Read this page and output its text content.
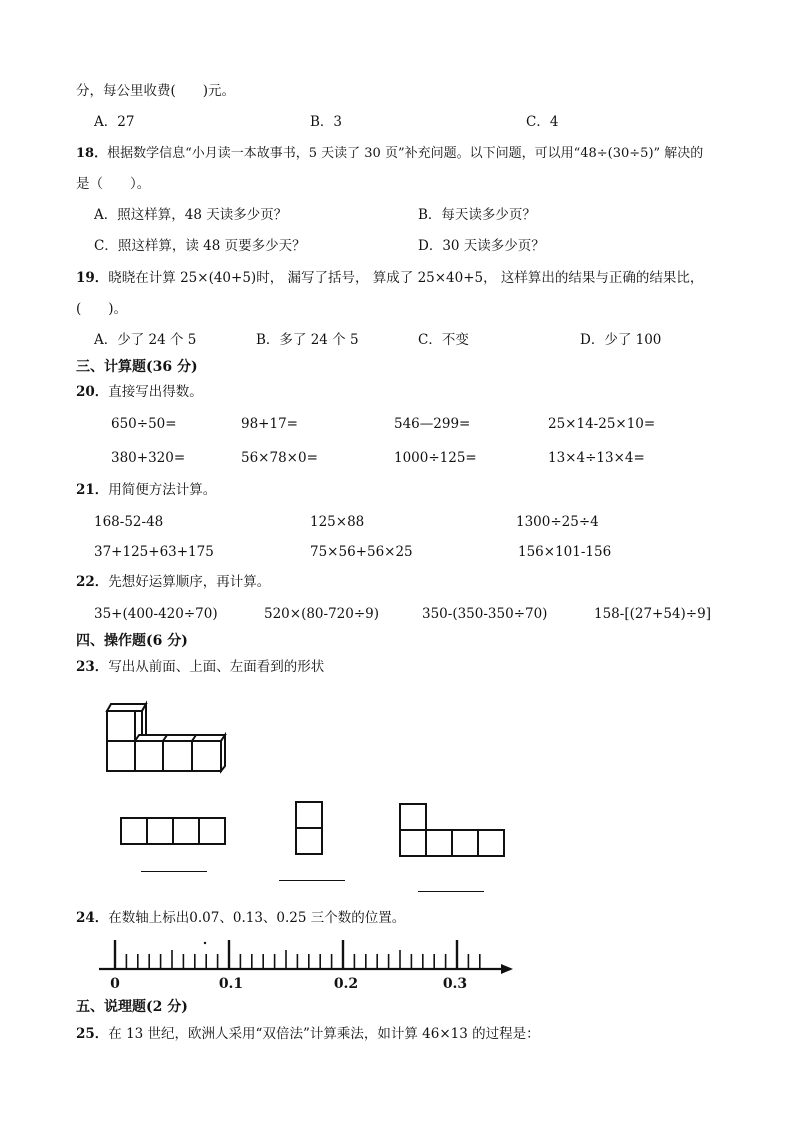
分，每公里收费(　　)元。
A．27	B．3	C．4
18．根据数学信息“小月读一本故事书，5 天读了 30 页”补充问题。以下问题，可以用“48÷(30÷5)” 解决的
是（　　）。
A．照这样算，48 天读多少页？	B．每天读多少页？
C．照这样算，读 48 页要多少天？	D．30 天读多少页？
19．晓晓在计算 25×(40+5)时， 漏写了括号， 算成了 25×40+5， 这样算出的结果与正确的结果比，
(　　)。
A．少了 24 个 5	B．多了 24 个 5	C．不变	D．少了 100
三、计算题(36 分)
20．直接写出得数。
650÷50=	98+17=	546—299=	25×14-25×10=
380+320=	56×78×0=	1000÷125=	13×4÷13×4=
21．用简便方法计算。
168-52-48	125×88	1300÷25÷4
37+125+63+175	75×56+56×25	156×101-156
22．先想好运算顺序，再计算。
35+(400-420÷70)	520×(80-720÷9)	350-(350-350÷70)	158-[(27+54)÷9]
四、操作题(6 分)
23．写出从前面、上面、左面看到的形状
24．在数轴上标出0.07、0.13、0.25 三个数的位置。
0	0.1	0.2	0.3
五、说理题(2 分)
25．在 13 世纪，欧洲人采用“双倍法”计算乘法，如计算 46×13 的过程是：
